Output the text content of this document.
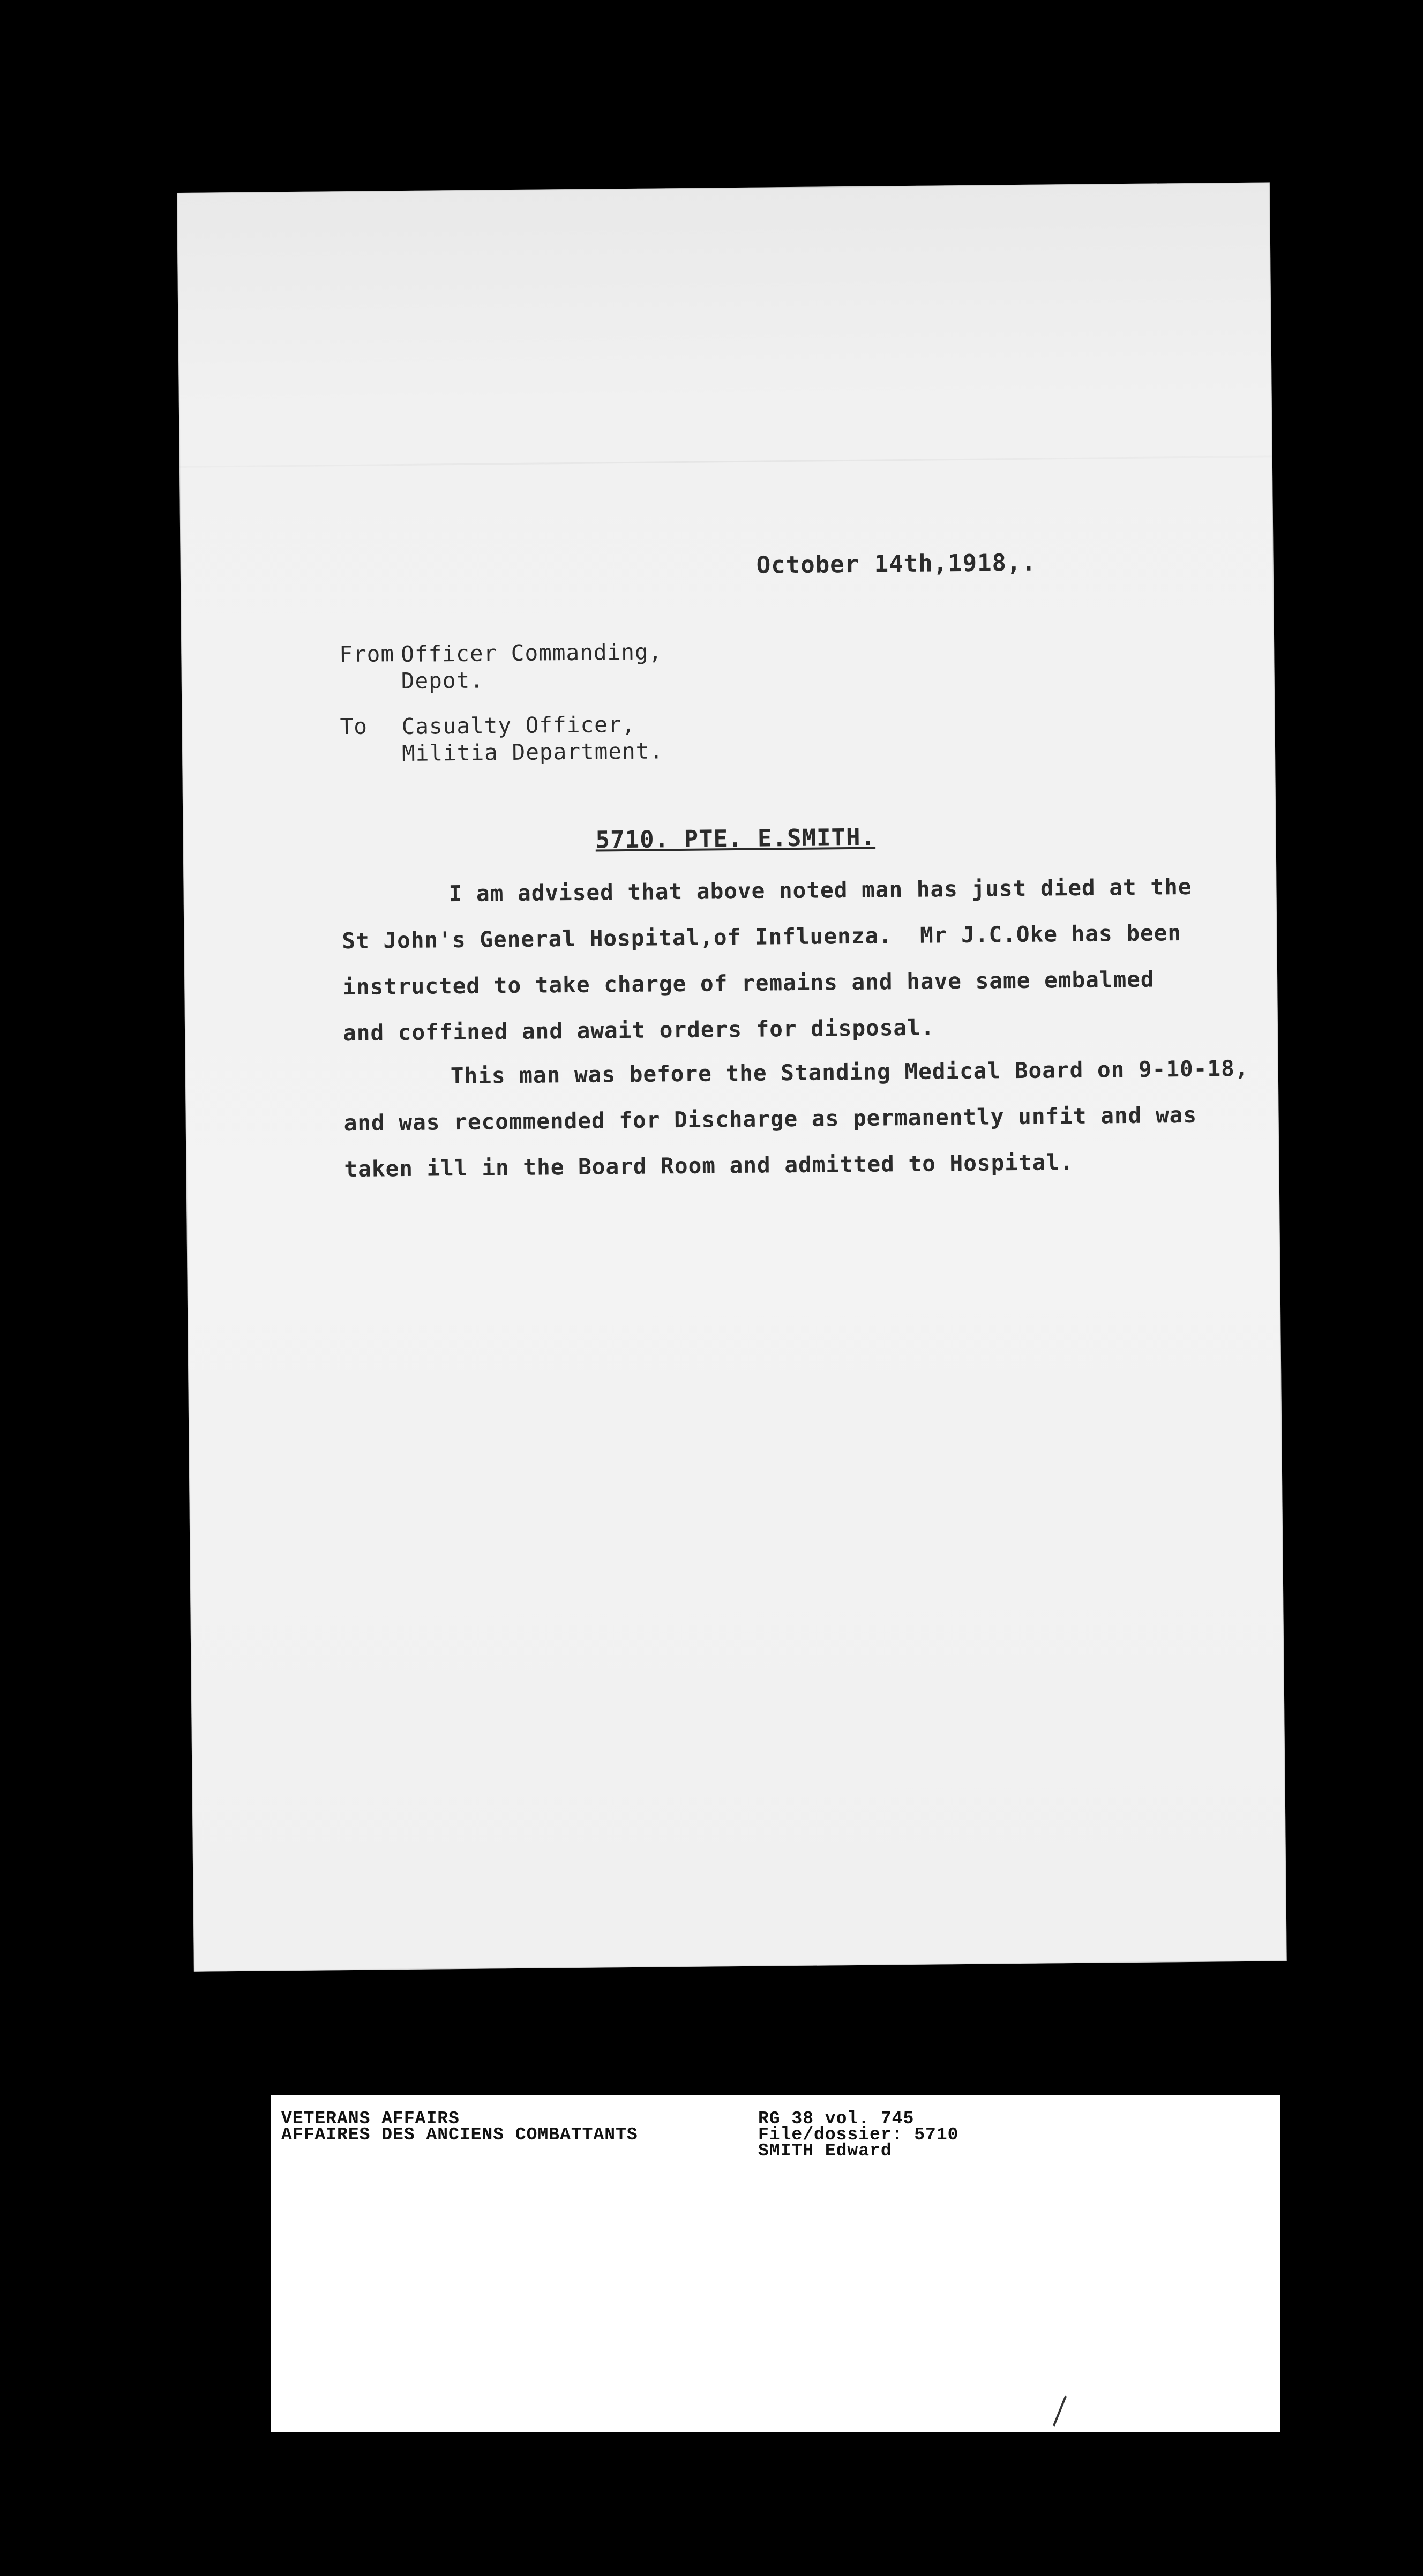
October 14th,1918,.
From Officer Commanding,
Depot.
To Casualty Officer,
Militia Department.
5710. PTE. E.SMITH.
I am advised that above noted man has just died at the
St John's General Hospital,of Influenza.  Mr J.C.Oke has been
instructed to take charge of remains and have same embalmed
and coffined and await orders for disposal.
This man was before the Standing Medical Board on 9-10-18,
and was recommended for Discharge as permanently unfit and was
taken ill in the Board Room and admitted to Hospital.
VETERANS AFFAIRS
AFFAIRES DES ANCIENS COMBATTANTS
RG 38 vol. 745
File/dossier: 5710
SMITH Edward
